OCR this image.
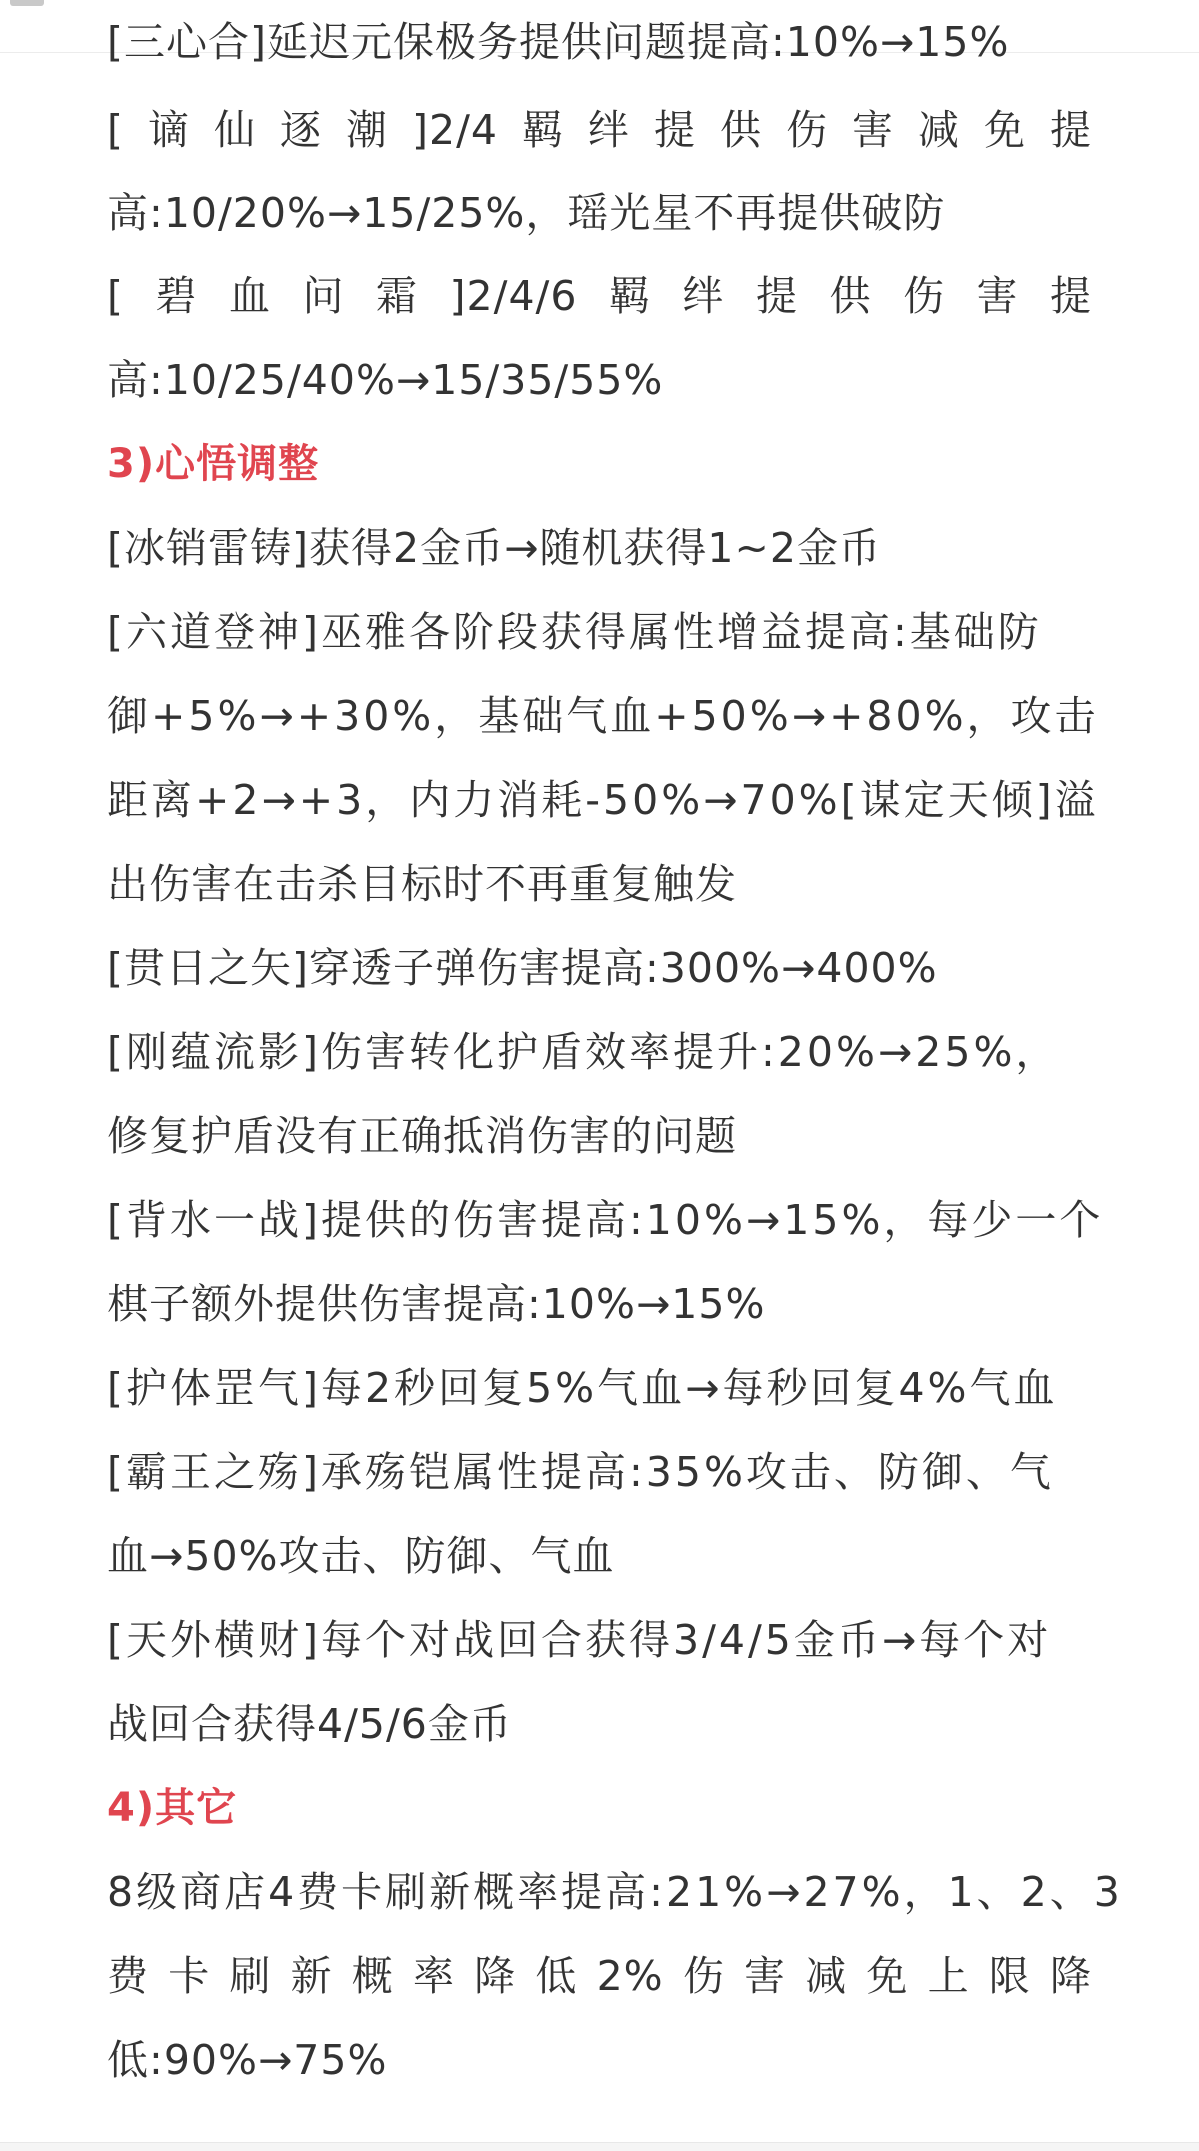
[三心合]延迟元保极务提供问题提高:10%→15%
[谪仙逐潮]2/4羁绊提供伤害减免提
高:10/20%→15/25%，瑶光星不再提供破防
[碧血问霜]2/4/6羁绊提供伤害提
高:10/25/40%→15/35/55%
3)心悟调整
[冰销雷铸]获得2金币→随机获得1~2金币
[六道登神]巫雅各阶段获得属性增益提高:基础防
御+5%→+30%，基础气血+50%→+80%，攻击
距离+2→+3，内力消耗-50%→70%[谋定天倾]溢
出伤害在击杀目标时不再重复触发
[贯日之矢]穿透子弹伤害提高:300%→400%
[刚蕴流影]伤害转化护盾效率提升:20%→25%，
修复护盾没有正确抵消伤害的问题
[背水一战]提供的伤害提高:10%→15%，每少一个
棋子额外提供伤害提高:10%→15%
[护体罡气]每2秒回复5%气血→每秒回复4%气血
[霸王之殇]承殇铠属性提高:35%攻击、防御、气
血→50%攻击、防御、气血
[天外横财]每个对战回合获得3/4/5金币→每个对
战回合获得4/5/6金币
4)其它
8级商店4费卡刷新概率提高:21%→27%，1、2、3
费卡刷新概率降低2%伤害减免上限降
低:90%→75%
